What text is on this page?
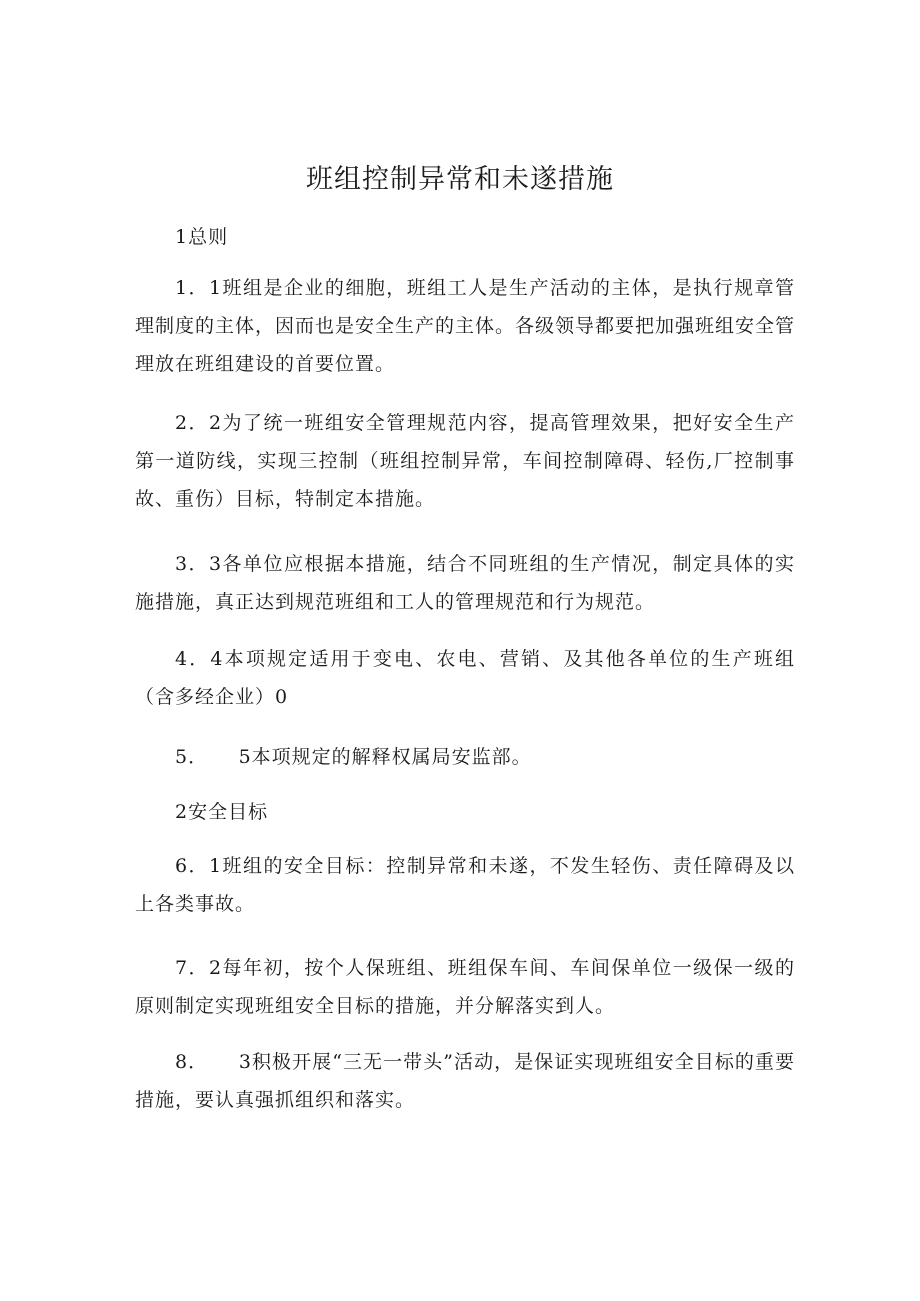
班组控制异常和未遂措施

1总则

1．1班组是企业的细胞，班组工人是生产活动的主体，是执行规章管理制度的主体，因而也是安全生产的主体。各级领导都要把加强班组安全管理放在班组建设的首要位置。

2．2为了统一班组安全管理规范内容，提高管理效果，把好安全生产第一道防线，实现三控制（班组控制异常，车间控制障碍、轻伤,厂控制事故、重伤）目标，特制定本措施。

3．3各单位应根据本措施，结合不同班组的生产情况，制定具体的实施措施，真正达到规范班组和工人的管理规范和行为规范。

4．4本项规定适用于变电、农电、营销、及其他各单位的生产班组（含多经企业）0

5．　　5本项规定的解释权属局安监部。

2安全目标

6．1班组的安全目标：控制异常和未遂，不发生轻伤、责任障碍及以上各类事故。

7．2每年初，按个人保班组、班组保车间、车间保单位一级保一级的原则制定实现班组安全目标的措施，并分解落实到人。

8．　　3积极开展“三无一带头”活动，是保证实现班组安全目标的重要措施，要认真强抓组织和落实。
